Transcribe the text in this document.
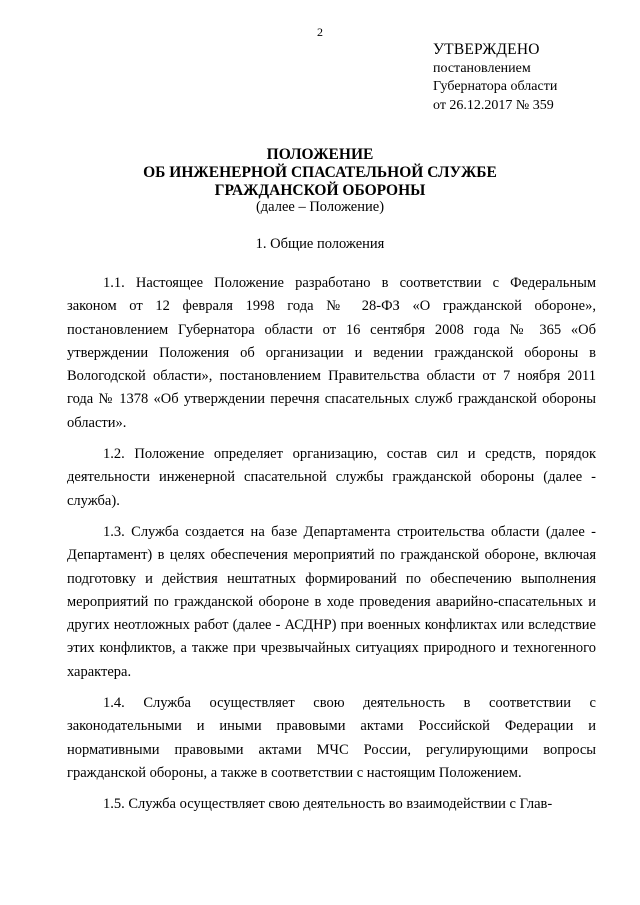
2
УТВЕРЖДЕНО
постановлением
Губернатора области
от 26.12.2017 № 359
ПОЛОЖЕНИЕ
ОБ ИНЖЕНЕРНОЙ СПАСАТЕЛЬНОЙ СЛУЖБЕ
ГРАЖДАНСКОЙ ОБОРОНЫ
(далее – Положение)
1. Общие положения

1.1. Настоящее Положение разработано в соответствии с Федеральным законом от 12 февраля 1998 года № 28-ФЗ «О гражданской обороне», постановлением Губернатора области от 16 сентября 2008 года № 365 «Об утверждении Положения об организации и ведении гражданской обороны в Вологодской области», постановлением Правительства области от 7 ноября 2011 года № 1378 «Об утверждении перечня спасательных служб гражданской обороны области».

1.2. Положение определяет организацию, состав сил и средств, порядок деятельности инженерной спасательной службы гражданской обороны (далее - служба).

1.3. Служба создается на базе Департамента строительства области (далее - Департамент) в целях обеспечения мероприятий по гражданской обороне, включая подготовку и действия нештатных формирований по обеспечению выполнения мероприятий по гражданской обороне в ходе проведения аварийно-спасательных и других неотложных работ (далее - АСДНР) при военных конфликтах или вследствие этих конфликтов, а также при чрезвычайных ситуациях природного и техногенного характера.

1.4. Служба осуществляет свою деятельность в соответствии с законодательными и иными правовыми актами Российской Федерации и нормативными правовыми актами МЧС России, регулирующими вопросы гражданской обороны, а также в соответствии с настоящим Положением.

1.5. Служба осуществляет свою деятельность во взаимодействии с Глав-
